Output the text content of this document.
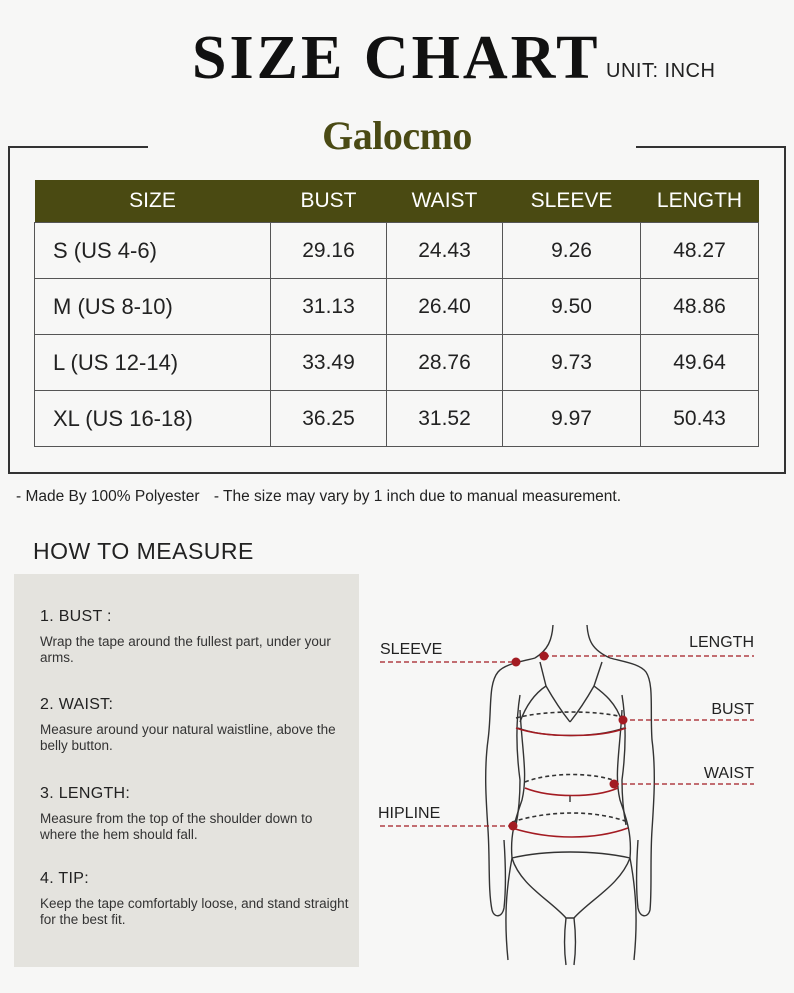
SIZE CHART UNIT: INCH
Galocmo
SIZE	BUST	WAIST	SLEEVE	LENGTH
S (US 4-6)	29.16	24.43	9.26	48.27
M (US 8-10)	31.13	26.40	9.50	48.86
L (US 12-14)	33.49	28.76	9.73	49.64
XL (US 16-18)	36.25	31.52	9.97	50.43
- Made By 100% Polyester - The size may vary by 1 inch due to manual measurement.
HOW TO MEASURE
1. BUST :
Wrap the tape around the fullest part, under your arms.
2. WAIST:
Measure around your natural waistline, above the belly button.
3. LENGTH:
Measure from the top of the shoulder down to where the hem should fall.
4. TIP:
Keep the tape comfortably loose, and stand straight for the best fit.
SLEEVE	LENGTH
BUST
WAIST
HIPLINE
